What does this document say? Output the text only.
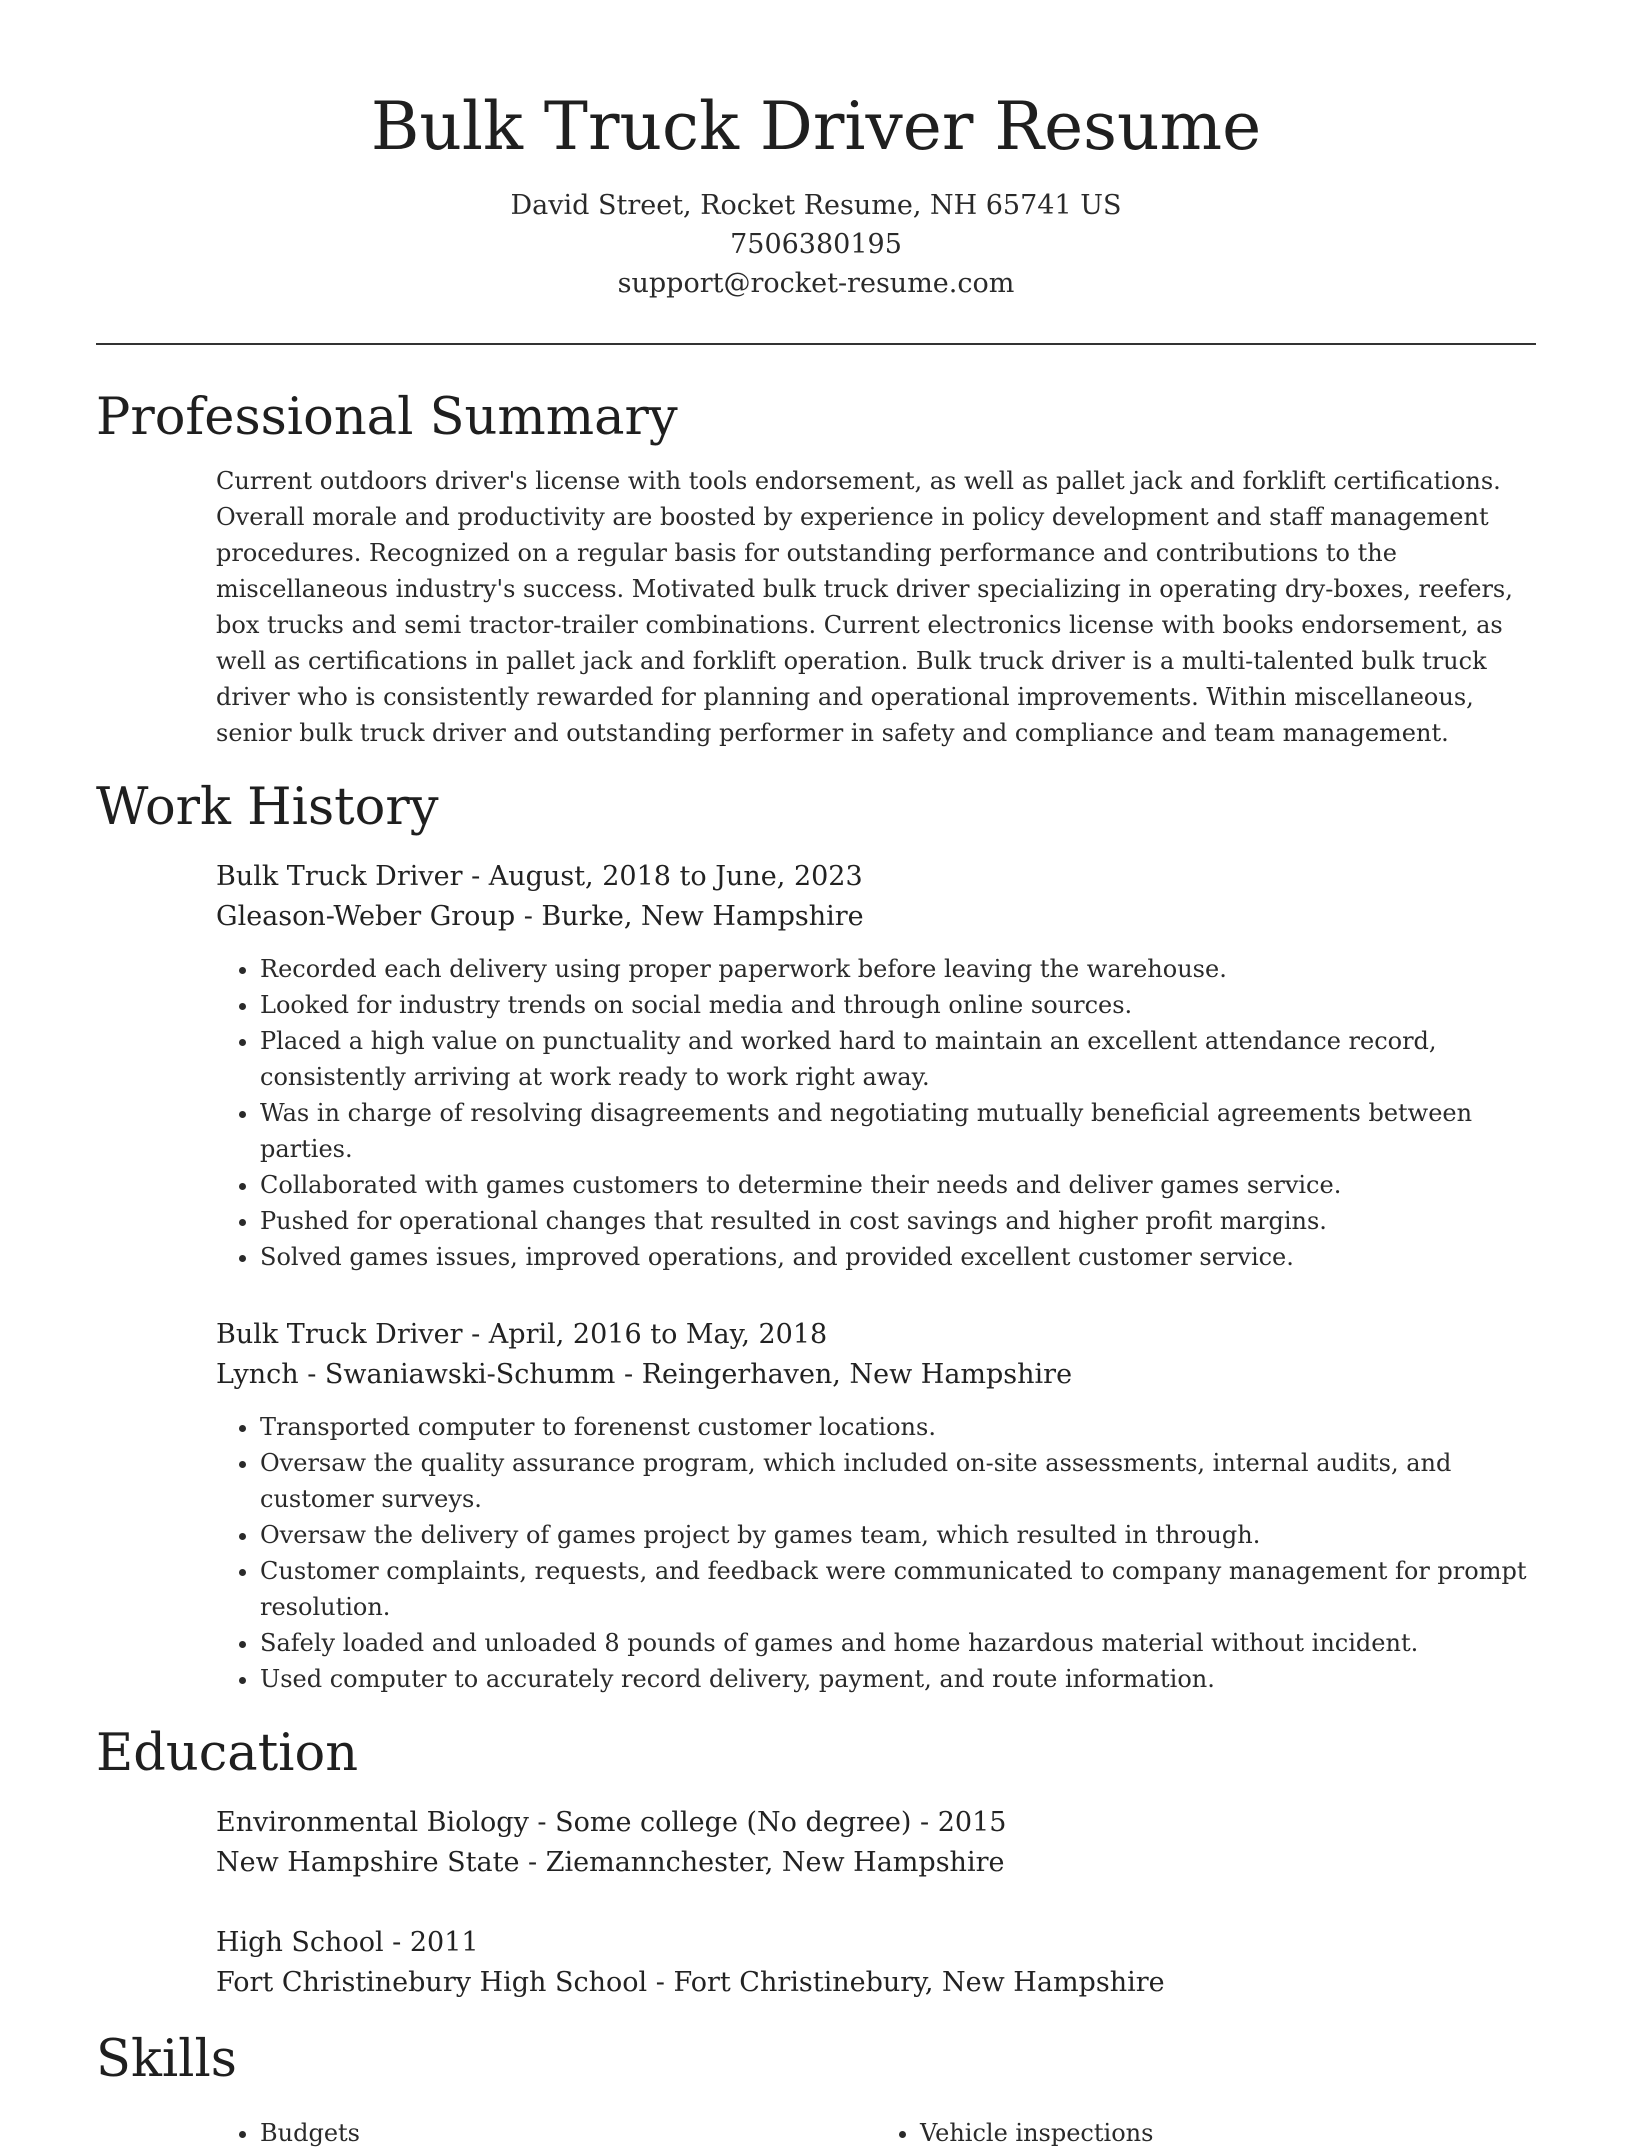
Bulk Truck Driver Resume

David Street, Rocket Resume, NH 65741 US

7506380195

support@rocket-resume.com

Professional Summary

Current outdoors driver's license with tools endorsement, as well as pallet jack and forklift certifications. Overall morale and productivity are boosted by experience in policy development and staff management procedures. Recognized on a regular basis for outstanding performance and contributions to the miscellaneous industry's success. Motivated bulk truck driver specializing in operating dry-boxes, reefers, box trucks and semi tractor-trailer combinations. Current electronics license with books endorsement, as well as certifications in pallet jack and forklift operation. Bulk truck driver is a multi-talented bulk truck driver who is consistently rewarded for planning and operational improvements. Within miscellaneous, senior bulk truck driver and outstanding performer in safety and compliance and team management.

Work History

Bulk Truck Driver - August, 2018 to June, 2023

Gleason-Weber Group - Burke, New Hampshire

• Recorded each delivery using proper paperwork before leaving the warehouse.
• Looked for industry trends on social media and through online sources.
• Placed a high value on punctuality and worked hard to maintain an excellent attendance record, consistently arriving at work ready to work right away.
• Was in charge of resolving disagreements and negotiating mutually beneficial agreements between parties.
• Collaborated with games customers to determine their needs and deliver games service.
• Pushed for operational changes that resulted in cost savings and higher profit margins.
• Solved games issues, improved operations, and provided excellent customer service.

Bulk Truck Driver - April, 2016 to May, 2018

Lynch - Swaniawski-Schumm - Reingerhaven, New Hampshire

• Transported computer to forenenst customer locations.
• Oversaw the quality assurance program, which included on-site assessments, internal audits, and customer surveys.
• Oversaw the delivery of games project by games team, which resulted in through.
• Customer complaints, requests, and feedback were communicated to company management for prompt resolution.
• Safely loaded and unloaded 8 pounds of games and home hazardous material without incident.
• Used computer to accurately record delivery, payment, and route information.
Education

Environmental Biology - Some college (No degree) - 2015

New Hampshire State - Ziemannchester, New Hampshire

High School - 2011

Fort Christinebury High School - Fort Christinebury, New Hampshire

Skills
• Budgets
•	Vehicle inspections
